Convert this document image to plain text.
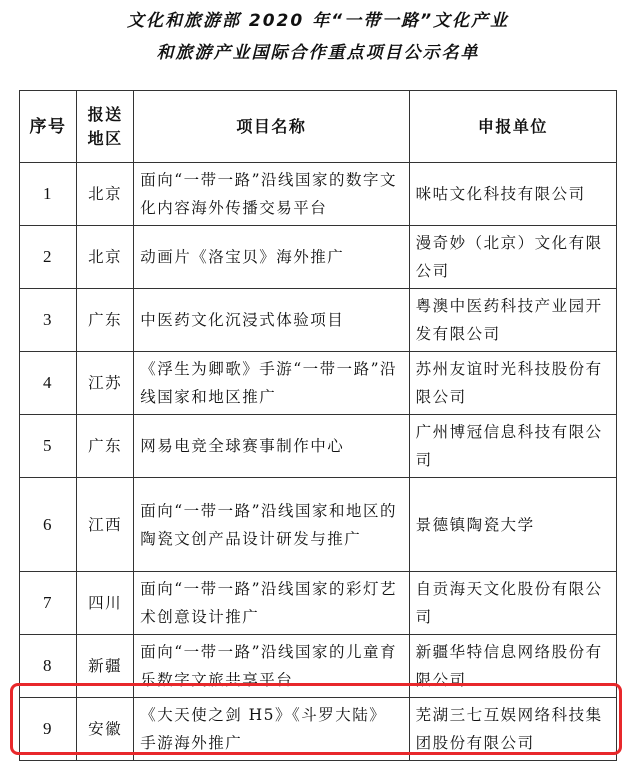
文化和旅游部 2020 年“一带一路”文化产业
和旅游产业国际合作重点项目公示名单
序号	报送地区	项目名称	申报单位
1	北京	面向“一带一路”沿线国家的数字文化内容海外传播交易平台	咪咕文化科技有限公司
2	北京	动画片《洛宝贝》海外推广	漫奇妙（北京）文化有限公司
3	广东	中医药文化沉浸式体验项目	粤澳中医药科技产业园开发有限公司
4	江苏	《浮生为卿歌》手游“一带一路”沿线国家和地区推广	苏州友谊时光科技股份有限公司
5	广东	网易电竞全球赛事制作中心	广州博冠信息科技有限公司
6	江西	面向“一带一路”沿线国家和地区的陶瓷文创产品设计研发与推广	景德镇陶瓷大学
7	四川	面向“一带一路”沿线国家的彩灯艺术创意设计推广	自贡海天文化股份有限公司
8	新疆	面向“一带一路”沿线国家的儿童育乐数字文旅共享平台	新疆华特信息网络股份有限公司
9	安徽	《大天使之剑 H5》《斗罗大陆》手游海外推广	芜湖三七互娱网络科技集团股份有限公司
